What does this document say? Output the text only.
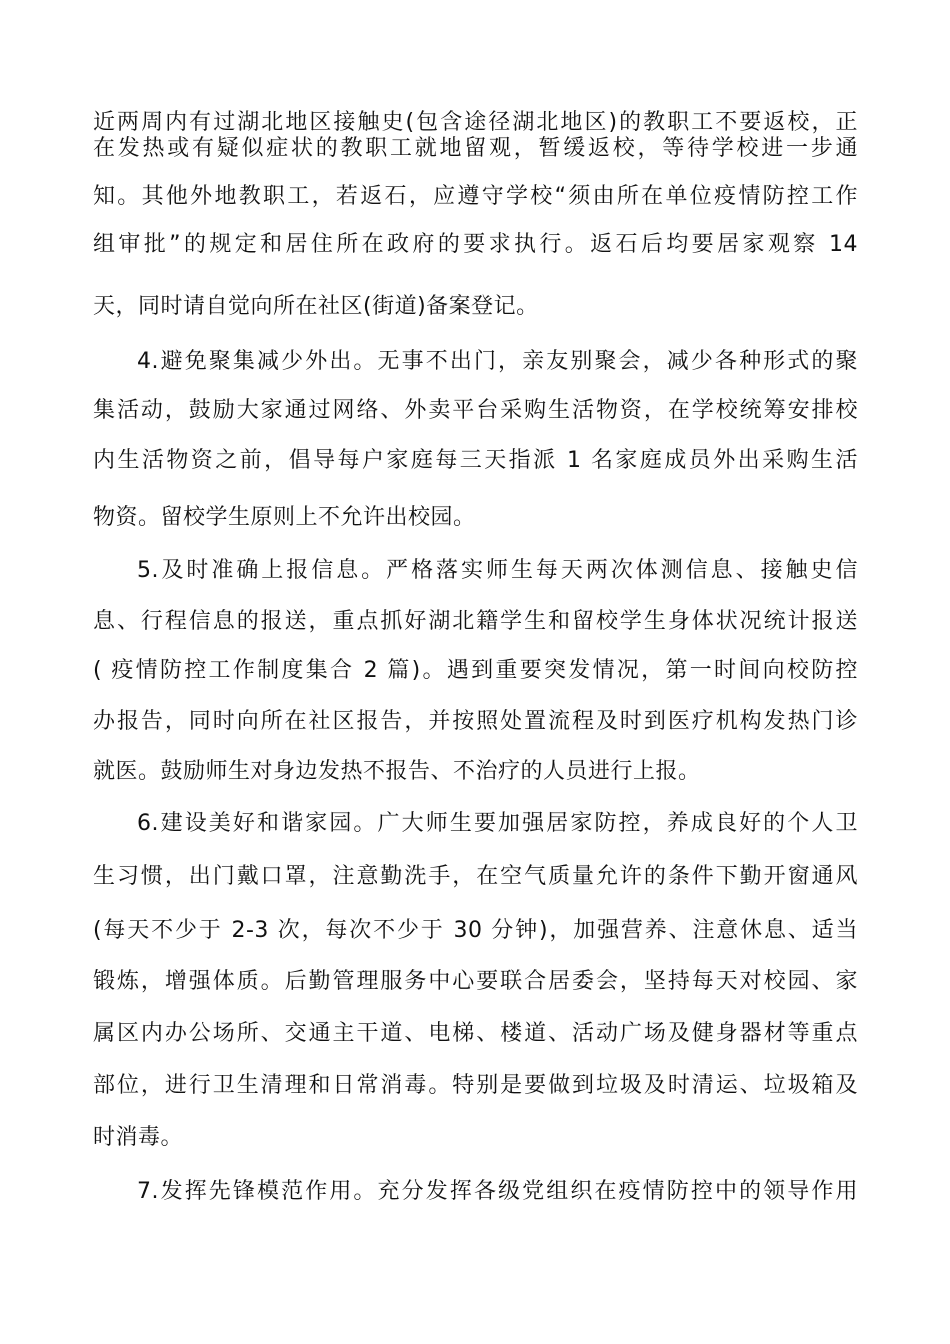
近两周内有过湖北地区接触史(包含途径湖北地区)的教职工不要返校，正
在发热或有疑似症状的教职工就地留观，暂缓返校，等待学校进一步通
知。其他外地教职工，若返石，应遵守学校“须由所在单位疫情防控工作
组审批”的规定和居住所在政府的要求执行。返石后均要居家观察 14
天，同时请自觉向所在社区(街道)备案登记。
4.避免聚集减少外出。无事不出门，亲友别聚会，减少各种形式的聚
集活动，鼓励大家通过网络、外卖平台采购生活物资，在学校统筹安排校
内生活物资之前，倡导每户家庭每三天指派 1 名家庭成员外出采购生活
物资。留校学生原则上不允许出校园。
5.及时准确上报信息。严格落实师生每天两次体测信息、接触史信
息、行程信息的报送，重点抓好湖北籍学生和留校学生身体状况统计报送
( 疫情防控工作制度集合 2 篇)。遇到重要突发情况，第一时间向校防控
办报告，同时向所在社区报告，并按照处置流程及时到医疗机构发热门诊
就医。鼓励师生对身边发热不报告、不治疗的人员进行上报。
6.建设美好和谐家园。广大师生要加强居家防控，养成良好的个人卫
生习惯，出门戴口罩，注意勤洗手，在空气质量允许的条件下勤开窗通风
(每天不少于 2-3 次，每次不少于 30 分钟)，加强营养、注意休息、适当
锻炼，增强体质。后勤管理服务中心要联合居委会，坚持每天对校园、家
属区内办公场所、交通主干道、电梯、楼道、活动广场及健身器材等重点
部位，进行卫生清理和日常消毒。特别是要做到垃圾及时清运、垃圾箱及
时消毒。
7.发挥先锋模范作用。充分发挥各级党组织在疫情防控中的领导作用
